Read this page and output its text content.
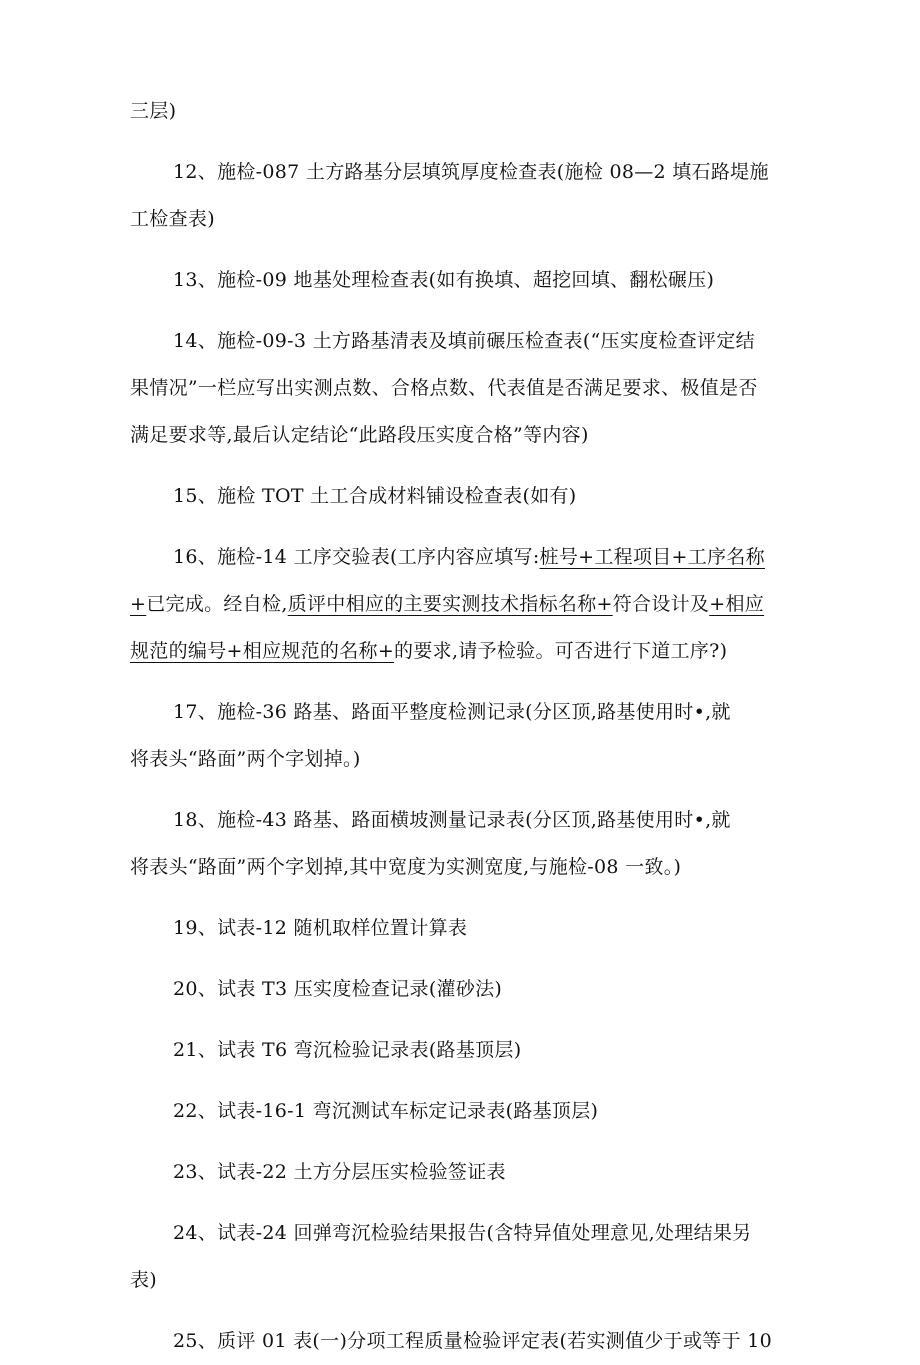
三层)
12、施检-087 土方路基分层填筑厚度检查表(施检 08—2 填石路堤施
工检查表)
13、施检-09 地基处理检查表(如有换填、超挖回填、翻松碾压)
14、施检-09-3 土方路基清表及填前碾压检查表(“压实度检查评定结
果情况”一栏应写出实测点数、合格点数、代表值是否满足要求、极值是否
满足要求等,最后认定结论“此路段压实度合格”等内容)
15、施检 TOT 土工合成材料铺设检查表(如有)
16、施检-14 工序交验表(工序内容应填写:桩号+工程项目+工序名称
+已完成。经自检,质评中相应的主要实测技术指标名称+符合设计及+相应
规范的编号+相应规范的名称+的要求,请予检验。可否进行下道工序?)
17、施检-36 路基、路面平整度检测记录(分区顶,路基使用时•,就
将表头“路面”两个字划掉。)
18、施检-43 路基、路面横坡测量记录表(分区顶,路基使用时•,就
将表头“路面”两个字划掉,其中宽度为实测宽度,与施检-08 一致。)
19、试表-12 随机取样位置计算表
20、试表 T3 压实度检查记录(灌砂法)
21、试表 T6 弯沉检验记录表(路基顶层)
22、试表-16-1 弯沉测试车标定记录表(路基顶层)
23、试表-22 土方分层压实检验签证表
24、试表-24 回弹弯沉检验结果报告(含特异值处理意见,处理结果另
表)
25、质评 01 表(一)分项工程质量检验评定表(若实测值少于或等于 10
